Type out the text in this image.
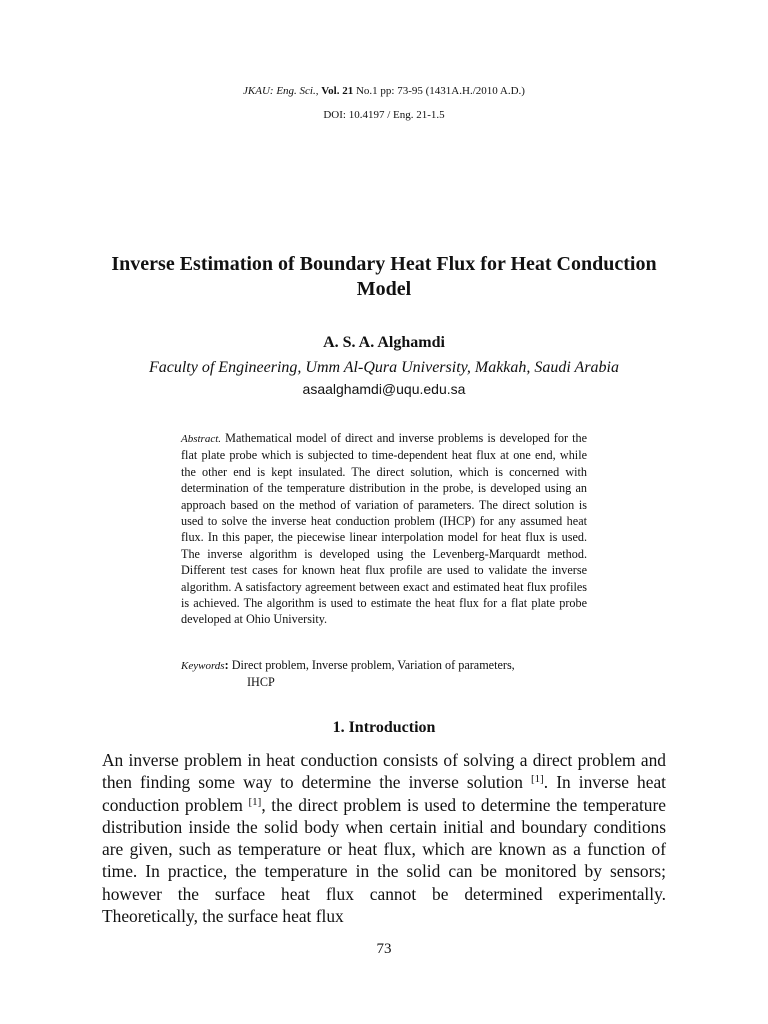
JKAU: Eng. Sci., Vol. 21 No.1 pp: 73-95 (1431A.H./2010 A.D.)
DOI: 10.4197 / Eng. 21-1.5
Inverse Estimation of Boundary Heat Flux for Heat Conduction Model
A. S. A. Alghamdi
Faculty of Engineering, Umm Al-Qura University, Makkah, Saudi Arabia
asaalghamdi@uqu.edu.sa
Abstract. Mathematical model of direct and inverse problems is developed for the flat plate probe which is subjected to time-dependent heat flux at one end, while the other end is kept insulated. The direct solution, which is concerned with determination of the temperature distribution in the probe, is developed using an approach based on the method of variation of parameters. The direct solution is used to solve the inverse heat conduction problem (IHCP) for any assumed heat flux. In this paper, the piecewise linear interpolation model for heat flux is used. The inverse algorithm is developed using the Levenberg-Marquardt method. Different test cases for known heat flux profile are used to validate the inverse algorithm. A satisfactory agreement between exact and estimated heat flux profiles is achieved. The algorithm is used to estimate the heat flux for a flat plate probe developed at Ohio University.
Keywords: Direct problem, Inverse problem, Variation of parameters,
IHCP
1. Introduction
An inverse problem in heat conduction consists of solving a direct problem and then finding some way to determine the inverse solution [1]. In inverse heat conduction problem [1], the direct problem is used to determine the temperature distribution inside the solid body when certain initial and boundary conditions are given, such as temperature or heat flux, which are known as a function of time. In practice, the temperature in the solid can be monitored by sensors; however the surface heat flux cannot be determined experimentally. Theoretically, the surface heat flux
73
